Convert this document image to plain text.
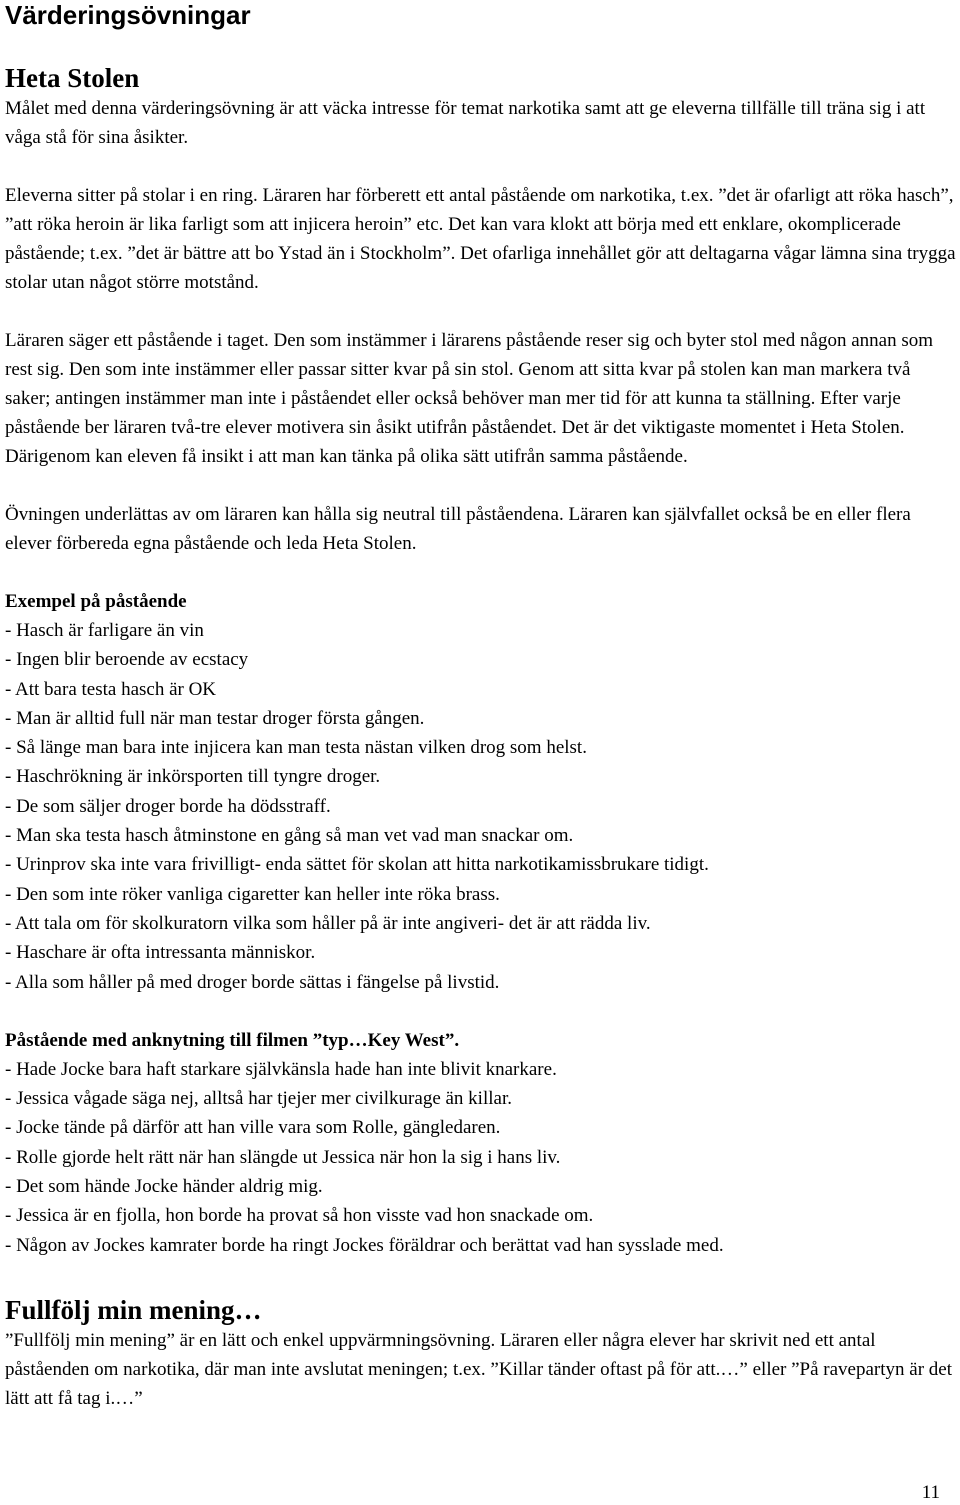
Värderingsövningar
Heta Stolen

Målet med denna värderingsövning är att väcka intresse för temat narkotika samt att ge eleverna tillfälle till träna sig i att våga stå för sina åsikter.

Eleverna sitter på stolar i en ring. Läraren har förberett ett antal påstående om narkotika, t.ex. ”det är ofarligt att röka hasch”, ”att röka heroin är lika farligt som att injicera heroin” etc. Det kan vara klokt att börja med ett enklare, okomplicerade påstående; t.ex. ”det är bättre att bo Ystad än i Stockholm”. Det ofarliga innehållet gör att deltagarna vågar lämna sina trygga stolar utan något större motstånd.

Läraren säger ett påstående i taget. Den som instämmer i lärarens påstående reser sig och byter stol med någon annan som rest sig. Den som inte instämmer eller passar sitter kvar på sin stol. Genom att sitta kvar på stolen kan man markera två saker; antingen instämmer man inte i påståendet eller också behöver man mer tid för att kunna ta ställning. Efter varje påstående ber läraren två-tre elever motivera sin åsikt utifrån påståendet. Det är det viktigaste momentet i Heta Stolen. Därigenom kan eleven få insikt i att man kan tänka på olika sätt utifrån samma påstående.

Övningen underlättas av om läraren kan hålla sig neutral till påståendena. Läraren kan självfallet också be en eller flera elever förbereda egna påstående och leda Heta Stolen.

Exempel på påstående
- Hasch är farligare än vin
- Ingen blir beroende av ecstacy
- Att bara testa hasch är OK
- Man är alltid full när man testar droger första gången.
- Så länge man bara inte injicera kan man testa nästan vilken drog som helst.
- Haschrökning är inkörsporten till tyngre droger.
- De som säljer droger borde ha dödsstraff.
- Man ska testa hasch åtminstone en gång så man vet vad man snackar om.
- Urinprov ska inte vara frivilligt- enda sättet för skolan att hitta narkotikamissbrukare tidigt.
- Den som inte röker vanliga cigaretter kan heller inte röka brass.
- Att tala om för skolkuratorn vilka som håller på är inte angiveri- det är att rädda liv.
- Haschare är ofta intressanta människor.
- Alla som håller på med droger borde sättas i fängelse på livstid.
Påstående med anknytning till filmen ”typ…Key West”.
- Hade Jocke bara haft starkare självkänsla hade han inte blivit knarkare.
- Jessica vågade säga nej, alltså har tjejer mer civilkurage än killar.
- Jocke tände på därför att han ville vara som Rolle, gängledaren.
- Rolle gjorde helt rätt när han slängde ut Jessica när hon la sig i hans liv.
- Det som hände Jocke händer aldrig mig.
- Jessica är en fjolla, hon borde ha provat så hon visste vad hon snackade om.
- Någon av Jockes kamrater borde ha ringt Jockes föräldrar och berättat vad han sysslade med.
Fullfölj min mening…

”Fullfölj min mening” är en lätt och enkel uppvärmningsövning. Läraren eller några elever har skrivit ned ett antal påståenden om narkotika, där man inte avslutat meningen; t.ex. ”Killar tänder oftast på för att.…” eller ”På ravepartyn är det lätt att få tag i.…”

11
